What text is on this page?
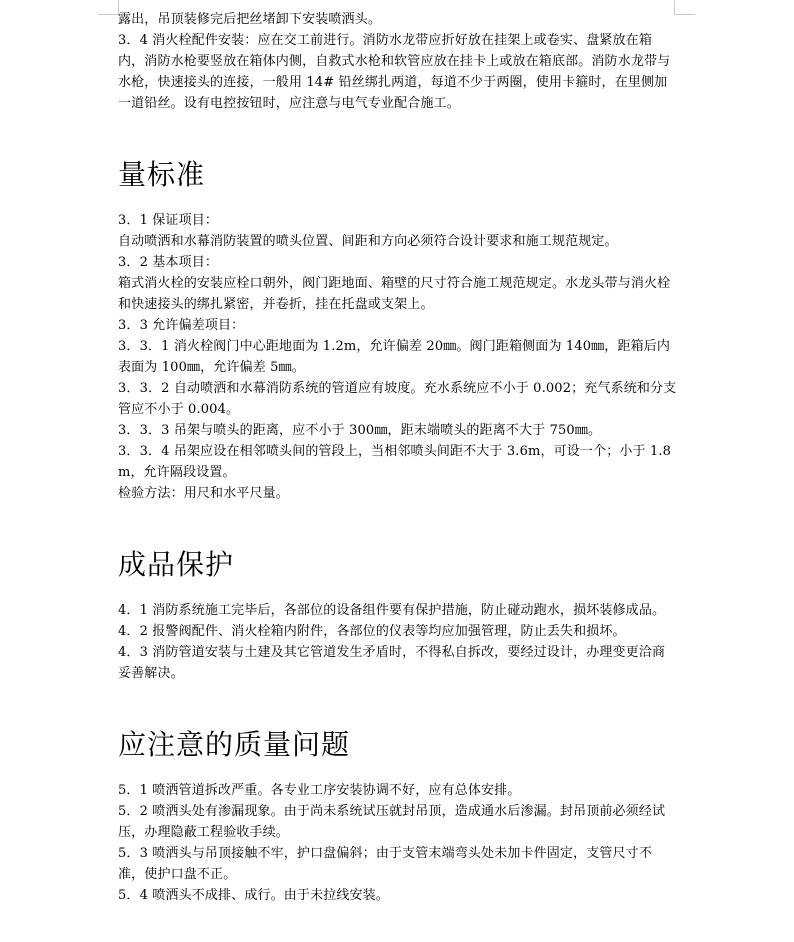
露出，吊顶装修完后把丝堵卸下安装喷洒头。

3．4 消火栓配件安装：应在交工前进行。消防水龙带应折好放在挂架上或卷实、盘紧放在箱内，消防水枪要竖放在箱体内侧，自救式水枪和软管应放在挂卡上或放在箱底部。消防水龙带与水枪，快速接头的连接，一般用 14# 铅丝绑扎两道，每道不少于两圈，使用卡箍时，在里侧加一道铅丝。设有电控按钮时，应注意与电气专业配合施工。

量标准

3．1 保证项目：

自动喷洒和水幕消防装置的喷头位置、间距和方向必须符合设计要求和施工规范规定。

3．2 基本项目：

箱式消火栓的安装应栓口朝外，阀门距地面、箱壁的尺寸符合施工规范规定。水龙头带与消火栓和快速接头的绑扎紧密，并卷折，挂在托盘或支架上。

3．3 允许偏差项目：

3．3．1 消火栓阀门中心距地面为 1.2m，允许偏差 20㎜。阀门距箱侧面为 140㎜，距箱后内表面为 100㎜，允许偏差 5㎜。

3．3．2 自动喷洒和水幕消防系统的管道应有坡度。充水系统应不小于 0.002；充气系统和分支管应不小于 0.004。

3．3．3 吊架与喷头的距离，应不小于 300㎜，距末端喷头的距离不大于 750㎜。

3．3．4 吊架应设在相邻喷头间的管段上，当相邻喷头间距不大于 3.6m，可设一个；小于 1.8m，允许隔段设置。

检验方法：用尺和水平尺量。

成品保护

4．1 消防系统施工完毕后，各部位的设备组件要有保护措施，防止碰动跑水，损坏装修成品。

4．2 报警阀配件、消火栓箱内附件，各部位的仪表等均应加强管理，防止丢失和损坏。

4．3 消防管道安装与土建及其它管道发生矛盾时，不得私自拆改，要经过设计，办理变更洽商妥善解决。

应注意的质量问题

5．1 喷洒管道拆改严重。各专业工序安装协调不好，应有总体安排。

5．2 喷洒头处有渗漏现象。由于尚未系统试压就封吊顶，造成通水后渗漏。封吊顶前必须经试压，办理隐蔽工程验收手续。

5．3 喷洒头与吊顶接触不牢，护口盘偏斜；由于支管末端弯头处未加卡件固定，支管尺寸不准，使护口盘不正。

5．4 喷洒头不成排、成行。由于未拉线安装。
